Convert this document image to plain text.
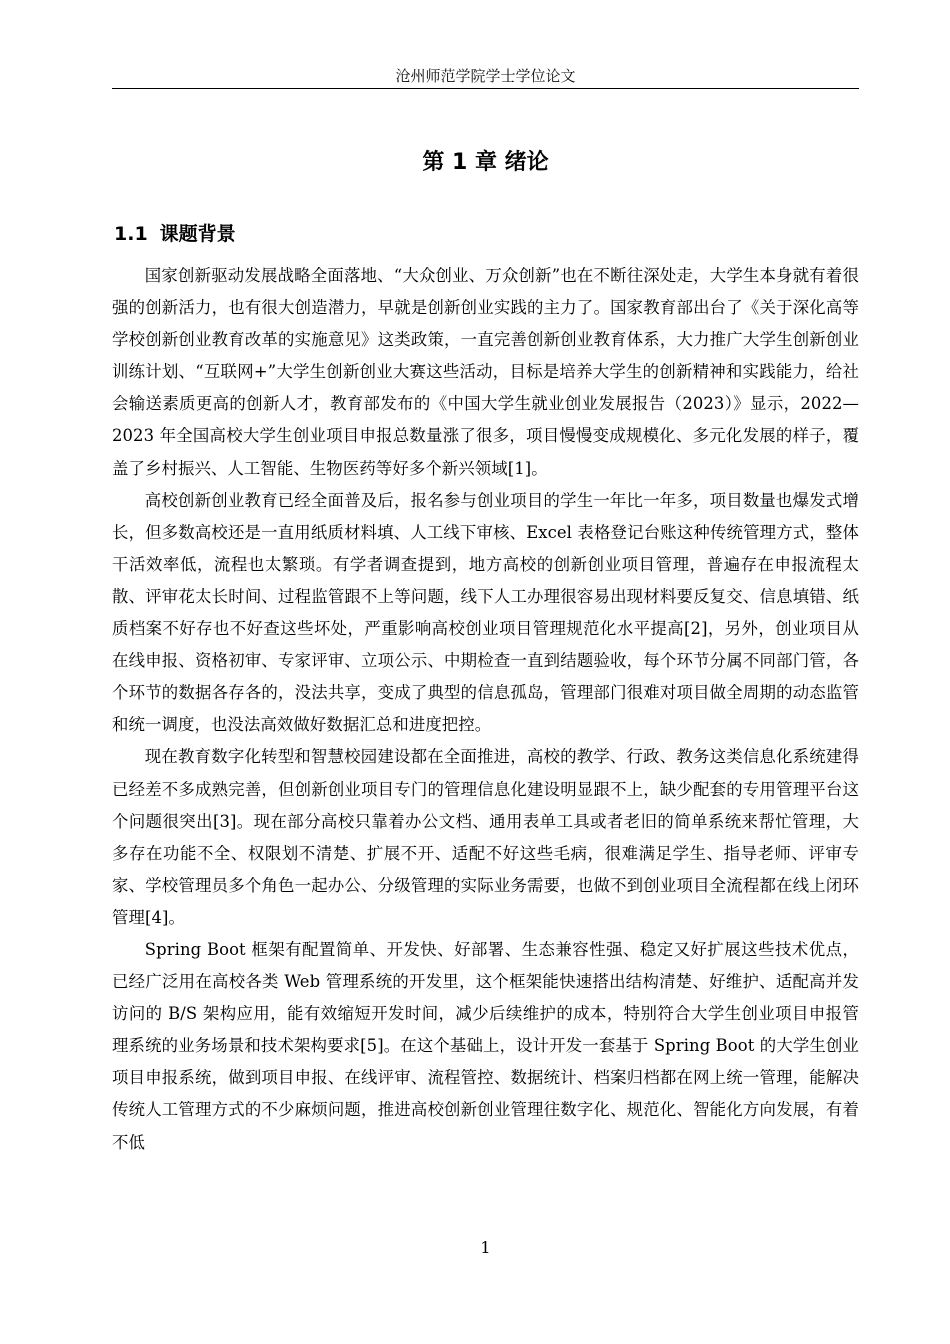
沧州师范学院学士学位论文
第 1 章 绪论
1.1 课题背景

国家创新驱动发展战略全面落地、“大众创业、万众创新”也在不断往深处走，大学生本身就有着很强的创新活力，也有很大创造潜力，早就是创新创业实践的主力了。国家教育部出台了《关于深化高等学校创新创业教育改革的实施意见》这类政策，一直完善创新创业教育体系，大力推广大学生创新创业训练计划、“互联网+”大学生创新创业大赛这些活动，目标是培养大学生的创新精神和实践能力，给社会输送素质更高的创新人才，教育部发布的《中国大学生就业创业发展报告（2023）》显示，2022—2023 年全国高校大学生创业项目申报总数量涨了很多，项目慢慢变成规模化、多元化发展的样子，覆盖了乡村振兴、人工智能、生物医药等好多个新兴领域[1]。

高校创新创业教育已经全面普及后，报名参与创业项目的学生一年比一年多，项目数量也爆发式增长，但多数高校还是一直用纸质材料填、人工线下审核、Excel 表格登记台账这种传统管理方式，整体干活效率低，流程也太繁琐。有学者调查提到，地方高校的创新创业项目管理，普遍存在申报流程太散、评审花太长时间、过程监管跟不上等问题，线下人工办理很容易出现材料要反复交、信息填错、纸质档案不好存也不好查这些坏处，严重影响高校创业项目管理规范化水平提高[2]，另外，创业项目从在线申报、资格初审、专家评审、立项公示、中期检查一直到结题验收，每个环节分属不同部门管，各个环节的数据各存各的，没法共享，变成了典型的信息孤岛，管理部门很难对项目做全周期的动态监管和统一调度，也没法高效做好数据汇总和进度把控。

现在教育数字化转型和智慧校园建设都在全面推进，高校的教学、行政、教务这类信息化系统建得已经差不多成熟完善，但创新创业项目专门的管理信息化建设明显跟不上，缺少配套的专用管理平台这个问题很突出[3]。现在部分高校只靠着办公文档、通用表单工具或者老旧的简单系统来帮忙管理，大多存在功能不全、权限划不清楚、扩展不开、适配不好这些毛病，很难满足学生、指导老师、评审专家、学校管理员多个角色一起办公、分级管理的实际业务需要，也做不到创业项目全流程都在线上闭环管理[4]。

Spring Boot 框架有配置简单、开发快、好部署、生态兼容性强、稳定又好扩展这些技术优点，已经广泛用在高校各类 Web 管理系统的开发里，这个框架能快速搭出结构清楚、好维护、适配高并发访问的 B/S 架构应用，能有效缩短开发时间，减少后续维护的成本，特别符合大学生创业项目申报管理系统的业务场景和技术架构要求[5]。在这个基础上，设计开发一套基于 Spring Boot 的大学生创业项目申报系统，做到项目申报、在线评审、流程管控、数据统计、档案归档都在网上统一管理，能解决传统人工管理方式的不少麻烦问题，推进高校创新创业管理往数字化、规范化、智能化方向发展，有着不低

1
